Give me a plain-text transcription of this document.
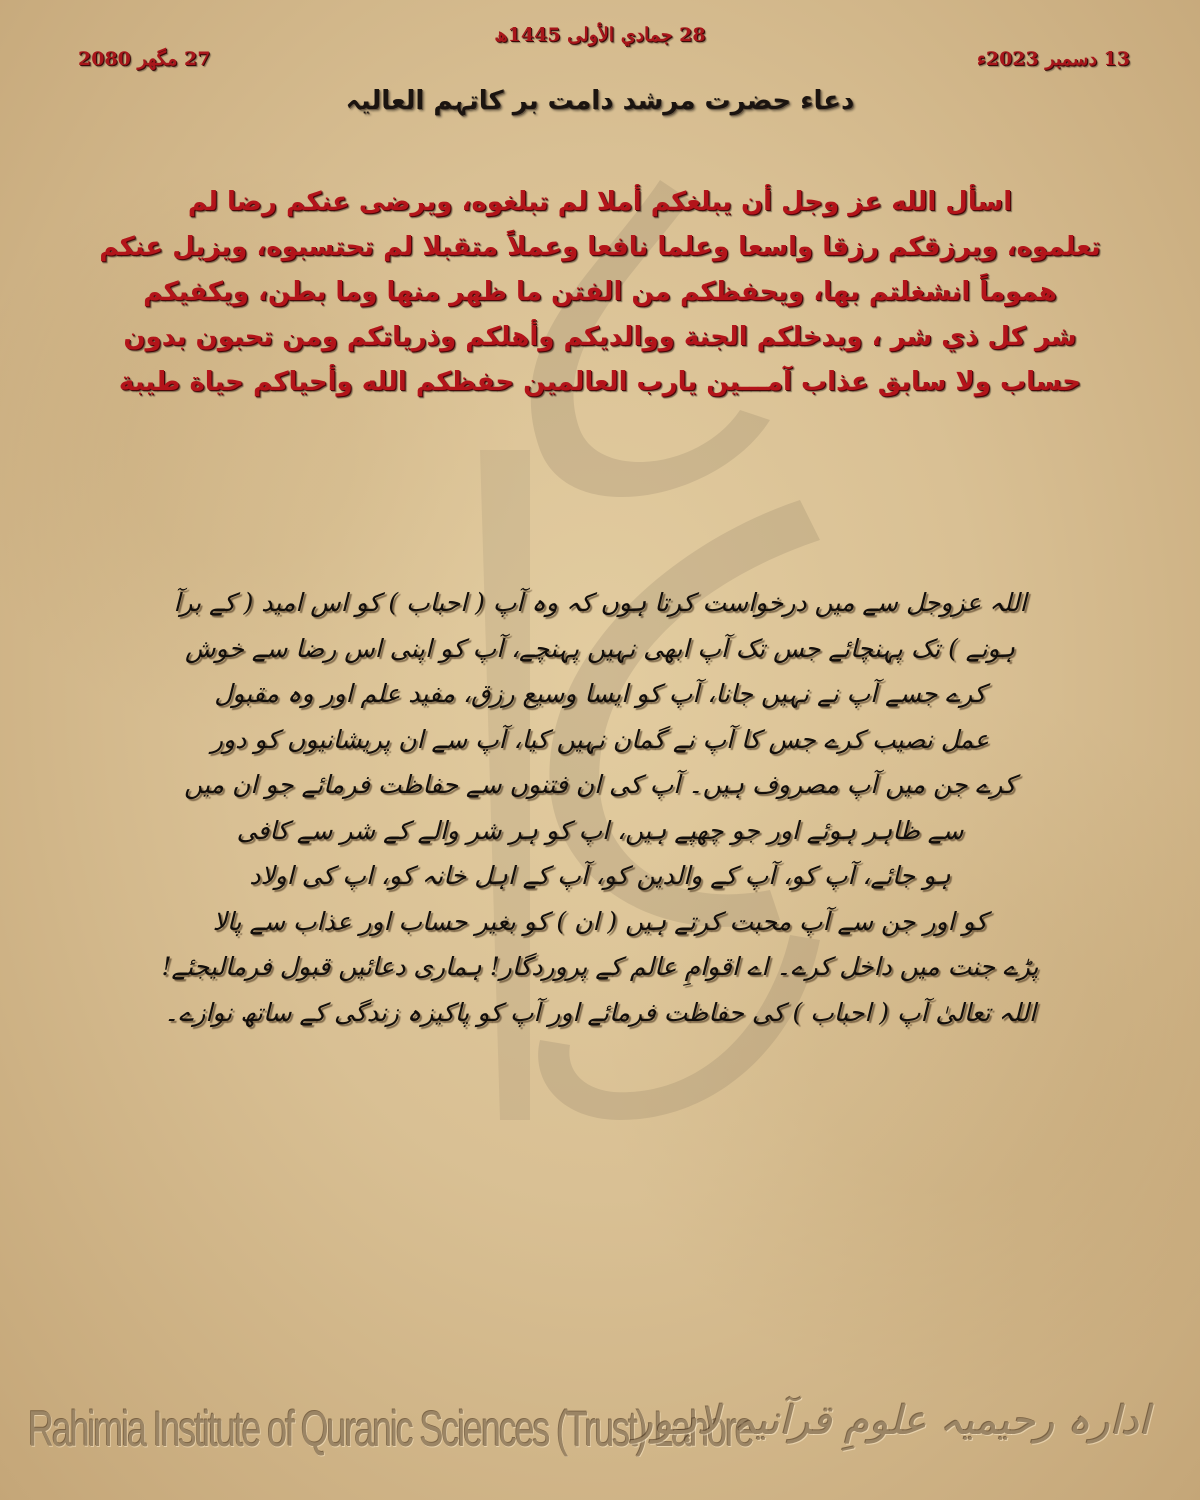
28 جمادي الأولى 1445ھ
13 دسمبر 2023ء
27 مگھر 2080
دعاء حضرت مرشد دامت بر کاتہم العالیہ
اسأل الله عز وجل أن يبلغكم أملا لم تبلغوه، ويرضى عنكم رضا لم
تعلموه، ويرزقكم رزقا واسعا وعلما نافعا وعملاً متقبلا لم تحتسبوه، ويزيل عنكم
هموماً انشغلتم بها، ويحفظكم من الفتن ما ظهر منها وما بطن، ويكفيكم
شر كل ذي شر ، ويدخلكم الجنة ووالديكم وأهلكم وذرياتكم ومن تحبون بدون
حساب ولا سابق عذاب آمـــين يارب العالمين حفظكم الله وأحياكم حياة طيبة
اللہ عزوجل سے میں درخواست کرتا ہوں کہ وہ آپ ( احباب ) کو اس امید ( کے برآ
ہونے ) تک پہنچائے جس تک آپ ابھی نہیں پہنچے، آپ کو اپنی اس رضا سے خوش
کرے جسے آپ نے نہیں جانا، آپ کو ایسا وسیع رزق، مفید علم اور وہ مقبول
عمل نصیب کرے جس کا آپ نے گمان نہیں کیا، آپ سے ان پریشانیوں کو دور
کرے جن میں آپ مصروف ہیں۔ آپ کی ان فتنوں سے حفاظت فرمائے جو ان میں
سے ظاہر ہوئے اور جو چھپے ہیں، اپ کو ہر شر والے کے شر سے کافی
ہو جائے، آپ کو، آپ کے والدین کو، آپ کے اہل خانہ کو، اپ کی اولاد
کو اور جن سے آپ محبت کرتے ہیں ( ان ) کو بغیر حساب اور عذاب سے پالا
پڑے جنت میں داخل کرے۔ اے اقوامِ عالم کے پروردگار! ہماری دعائیں قبول فرمالیجئے!
اللہ تعالیٰ آپ ( احباب ) کی حفاظت فرمائے اور آپ کو پاکیزہ زندگی کے ساتھ نوازے۔
Rahimia Institute of Quranic Sciences (Trust) Lahore
ادارہ رحیمیہ علومِ قرآنیہ لاہور
